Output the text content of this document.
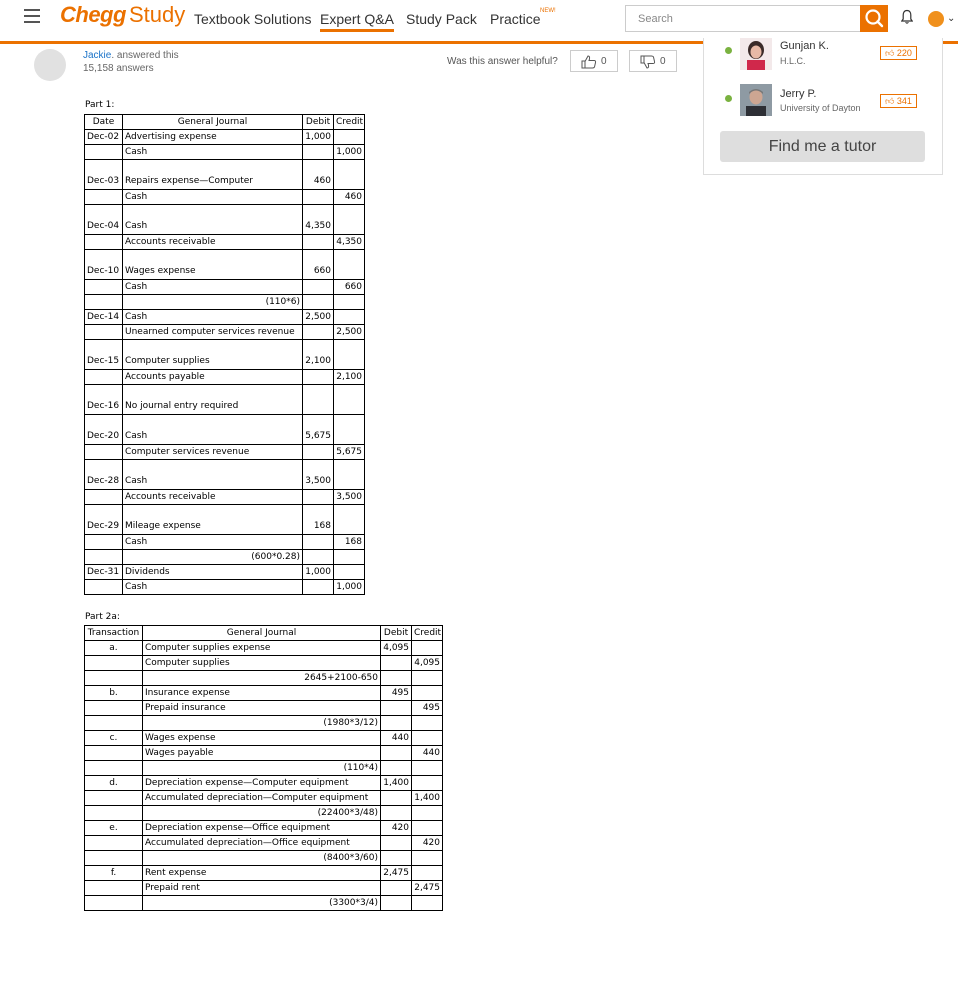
Chegg Study Textbook Solutions Expert Q&A Study Pack Practice NEW!
Search	⌄
Jackie. answered this
15,158 answers
Was this answer helpful?	0	0
Gunjan K.
H.L.C.
👍︎ 220
Jerry P.
University of Dayton
👍︎ 341
Find me a tutor
Part 1:
Date	General Journal	Debit	Credit
Dec-02	Advertising expense	1,000	
	Cash		1,000

Dec-03	Repairs expense—Computer	460	
	Cash		460

Dec-04	Cash	4,350	
	Accounts receivable		4,350

Dec-10	Wages expense	660	
	Cash		660
	(110*6)		
Dec-14	Cash	2,500	
	Unearned computer services revenue		2,500

Dec-15	Computer supplies	2,100	
	Accounts payable		2,100

Dec-16	No journal entry required		

Dec-20	Cash	5,675	
	Computer services revenue		5,675

Dec-28	Cash	3,500	
	Accounts receivable		3,500

Dec-29	Mileage expense	168	
	Cash		168
	(600*0.28)		
Dec-31	Dividends	1,000	
	Cash		1,000
Part 2a:
Transaction	General Journal	Debit	Credit
a.	Computer supplies expense	4,095	
	Computer supplies		4,095
	2645+2100-650		
b.	Insurance expense	495	
	Prepaid insurance		495
	(1980*3/12)		
c.	Wages expense	440	
	Wages payable		440
	(110*4)		
d.	Depreciation expense—Computer equipment	1,400	
	Accumulated depreciation—Computer equipment		1,400
	(22400*3/48)		
e.	Depreciation expense—Office equipment	420	
	Accumulated depreciation—Office equipment		420
	(8400*3/60)		
f.	Rent expense	2,475	
	Prepaid rent		2,475
	(3300*3/4)		
